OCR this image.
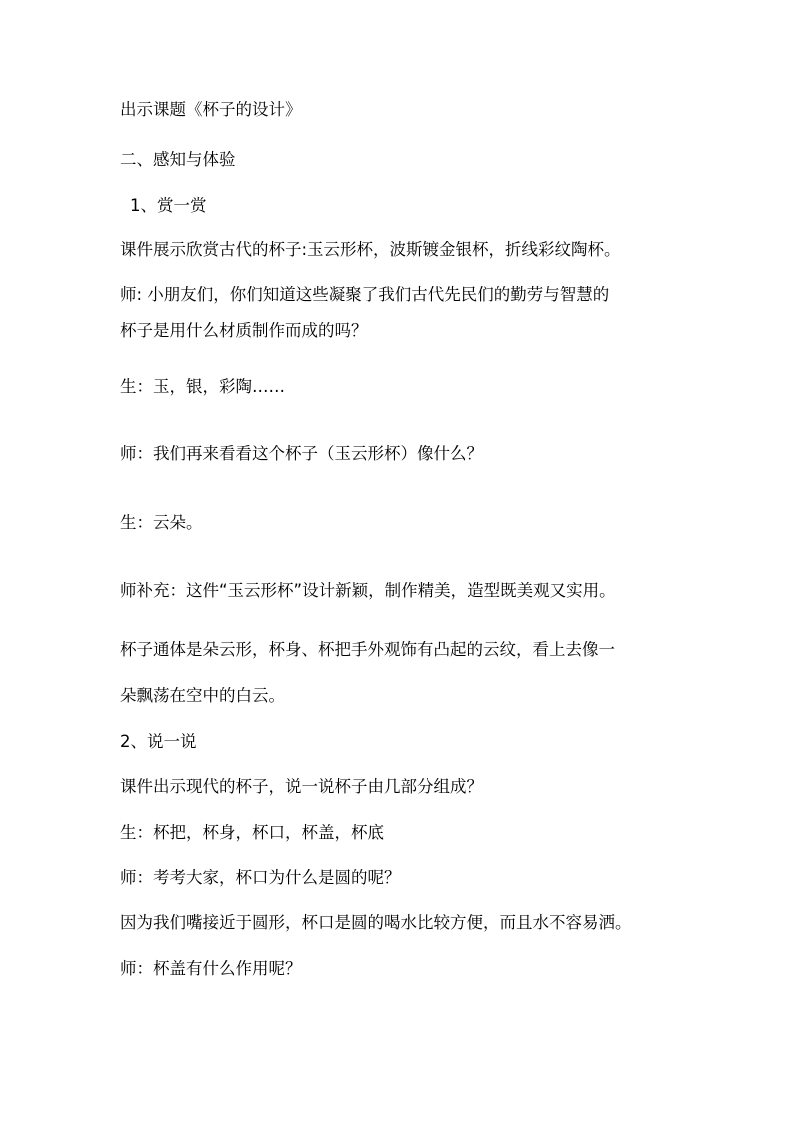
出示课题《杯子的设计》
二、感知与体验
1、赏一赏
课件展示欣赏古代的杯子:玉云形杯，波斯镀金银杯，折线彩纹陶杯。
师: 小朋友们，你们知道这些凝聚了我们古代先民们的勤劳与智慧的
杯子是用什么材质制作而成的吗？
生：玉，银，彩陶……
师：我们再来看看这个杯子（玉云形杯）像什么？
生：云朵。
师补充：这件“玉云形杯”设计新颖，制作精美，造型既美观又实用。
杯子通体是朵云形，杯身、杯把手外观饰有凸起的云纹，看上去像一
朵飘荡在空中的白云。
2、说一说
课件出示现代的杯子，说一说杯子由几部分组成？
生：杯把，杯身，杯口，杯盖，杯底
师：考考大家，杯口为什么是圆的呢？
因为我们嘴接近于圆形，杯口是圆的喝水比较方便，而且水不容易洒。
师：杯盖有什么作用呢？
